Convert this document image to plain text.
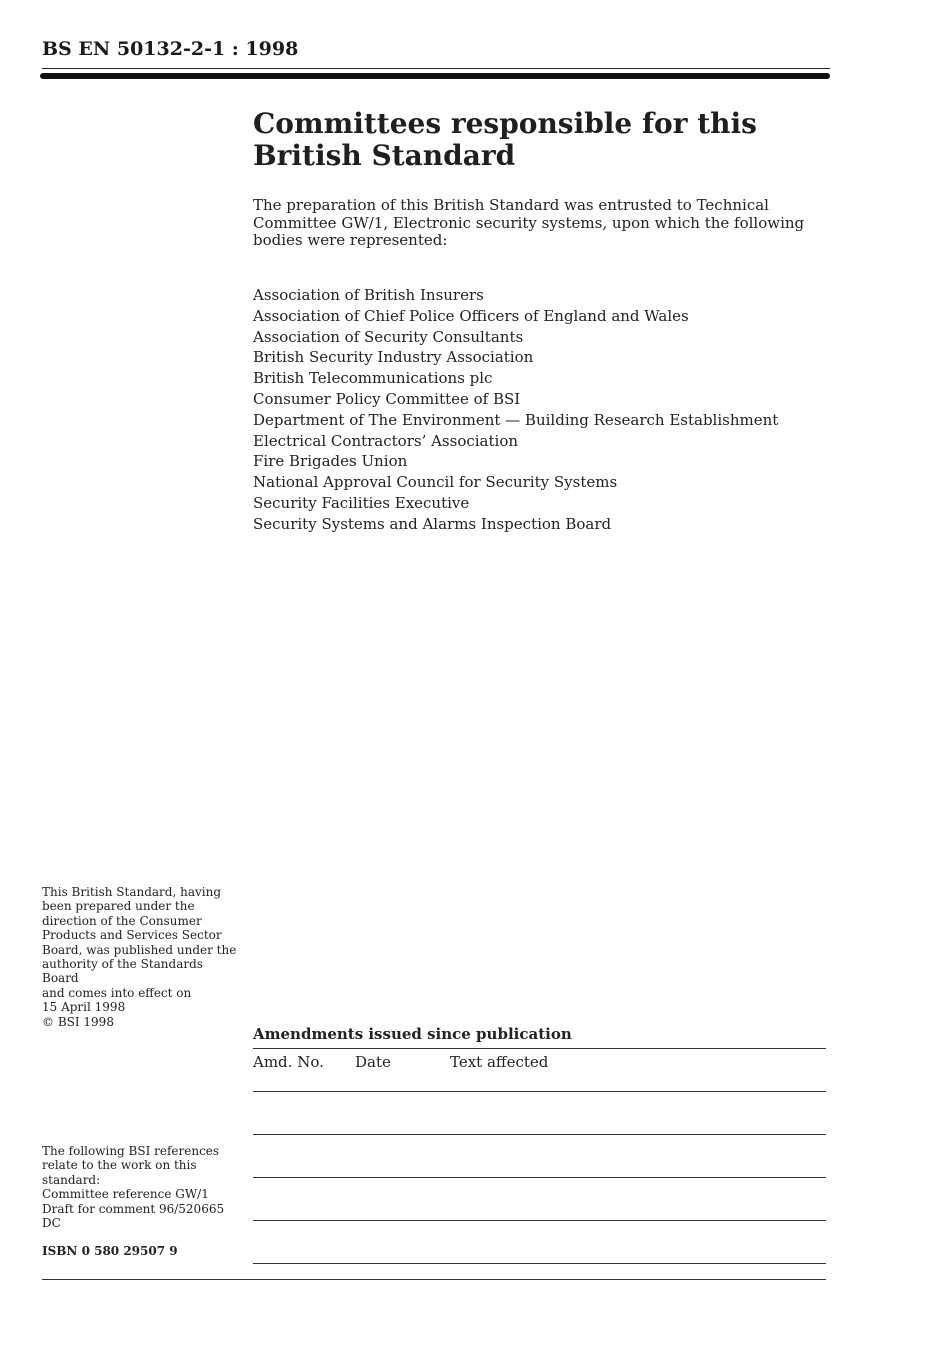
BS EN 50132-2-1 : 1998
Committees responsible for this
British Standard
The preparation of this British Standard was entrusted to Technical Committee GW/1, Electronic security systems, upon which the following bodies were represented:
Association of British Insurers
Association of Chief Police Officers of England and Wales
Association of Security Consultants
British Security Industry Association
British Telecommunications plc
Consumer Policy Committee of BSI
Department of The Environment — Building Research Establishment
Electrical Contractors’ Association
Fire Brigades Union
National Approval Council for Security Systems
Security Facilities Executive
Security Systems and Alarms Inspection Board
This British Standard, having
been prepared under the
direction of the Consumer
Products and Services Sector
Board, was published under the
authority of the Standards Board
and comes into effect on
15 April 1998
© BSI 1998
The following BSI references
relate to the work on this
standard:
Committee reference GW/1
Draft for comment 96/520665 DC
ISBN 0 580 29507 9
Amendments issued since publication
Amd. No. Date	Text affected
